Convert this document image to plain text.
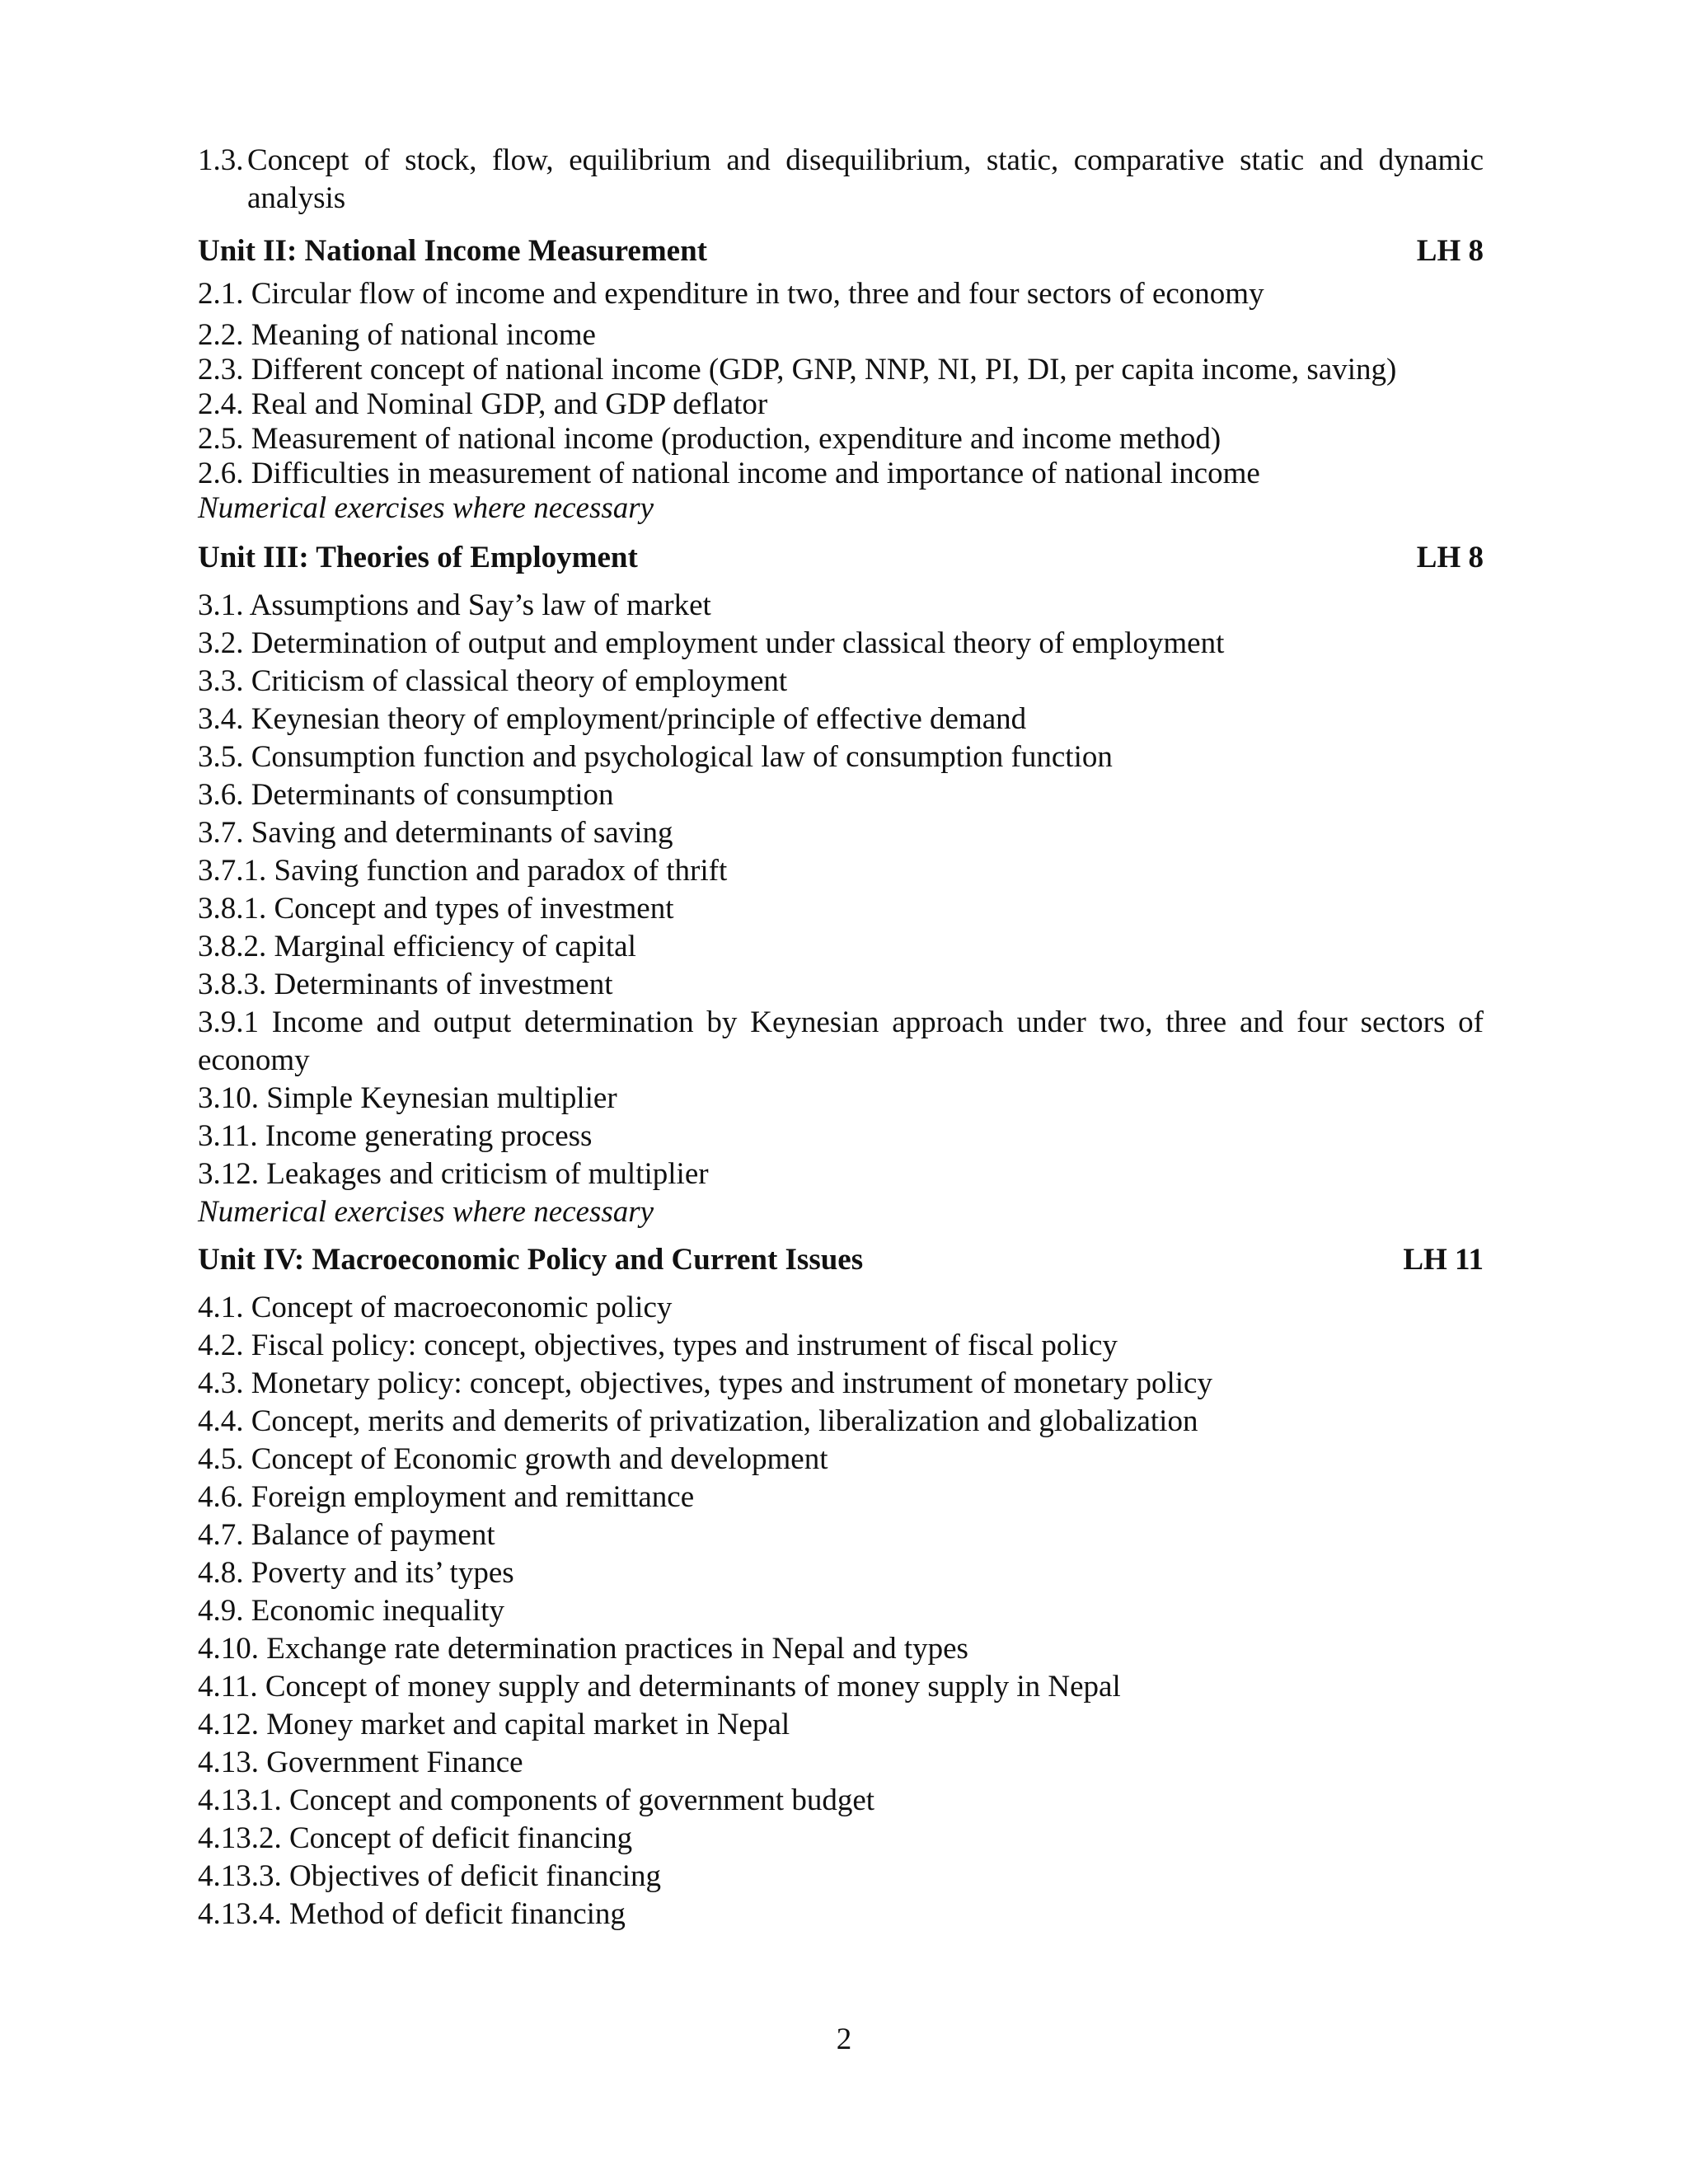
1.3. Concept of stock, flow, equilibrium and disequilibrium, static, comparative static and dynamic analysis
Unit II: National Income Measurement	LH 8

2.1. Circular flow of income and expenditure in two, three and four sectors of economy

2.2. Meaning of national income

2.3. Different concept of national income (GDP, GNP, NNP, NI, PI, DI, per capita income, saving)

2.4. Real and Nominal GDP, and GDP deflator

2.5. Measurement of national income (production, expenditure and income method)

2.6. Difficulties in measurement of national income and importance of national income

Numerical exercises where necessary

Unit III: Theories of Employment	LH 8

3.1. Assumptions and Say’s law of market

3.2. Determination of output and employment under classical theory of employment

3.3. Criticism of classical theory of employment

3.4. Keynesian theory of employment/principle of effective demand

3.5. Consumption function and psychological law of consumption function

3.6. Determinants of consumption

3.7. Saving and determinants of saving

3.7.1. Saving function and paradox of thrift

3.8.1. Concept and types of investment

3.8.2. Marginal efficiency of capital

3.8.3. Determinants of investment

3.9.1 Income and output determination by Keynesian approach under two, three and four sectors of economy

3.10. Simple Keynesian multiplier

3.11. Income generating process

3.12. Leakages and criticism of multiplier

Numerical exercises where necessary

Unit IV: Macroeconomic Policy and Current Issues	LH 11

4.1. Concept of macroeconomic policy

4.2. Fiscal policy: concept, objectives, types and instrument of fiscal policy

4.3. Monetary policy: concept, objectives, types and instrument of monetary policy

4.4. Concept, merits and demerits of privatization, liberalization and globalization

4.5. Concept of Economic growth and development

4.6. Foreign employment and remittance

4.7. Balance of payment

4.8. Poverty and its’ types

4.9. Economic inequality

4.10. Exchange rate determination practices in Nepal and types

4.11. Concept of money supply and determinants of money supply in Nepal

4.12. Money market and capital market in Nepal

4.13. Government Finance

4.13.1. Concept and components of government budget

4.13.2. Concept of deficit financing

4.13.3. Objectives of deficit financing

4.13.4. Method of deficit financing

2
